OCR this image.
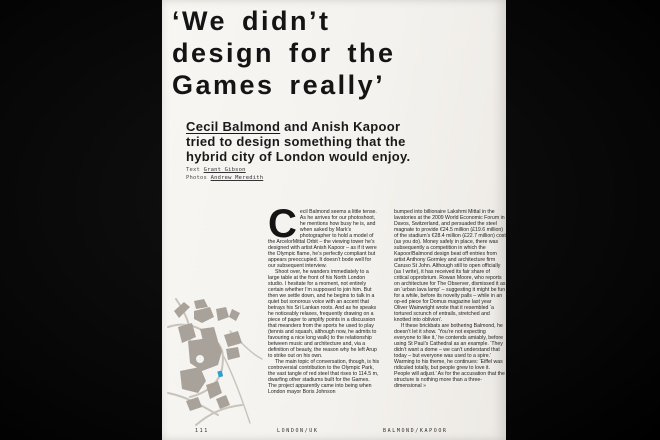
‘We didn’t
design for the
Games really’
Cecil Balmond and Anish Kapoor
tried to design something that the
hybrid city of London would enjoy.
Text Grant Gibson
Photos Andrew Meredith

Cecil Balmond seems a little tense. As he arrives for our photoshoot, he mentions how busy he is, and when asked by Mark’s photographer to hold a model of the ArcelorMittal Orbit – the viewing tower he’s designed with artist Anish Kapoor – as if it were the Olympic flame, he’s perfectly compliant but appears preoccupied. It doesn’t bode well for our subsequent interview.

Shoot over, he wanders immediately to a large table at the front of his North London studio. I hesitate for a moment, not entirely certain whether I’m supposed to join him. But then we settle down, and he begins to talk in a quiet but sonorous voice with an accent that betrays his Sri Lankan roots. And as he speaks he noticeably relaxes, frequently drawing on a piece of paper to amplify points in a discussion that meanders from the sports he used to play (tennis and squash, although now, he admits to favouring a nice long walk) to the relationship between music and architecture and, via a definition of beauty, the reason why he left Arup to strike out on his own.

The main topic of conversation, though, is his controversial contribution to the Olympic Park, the vast tangle of red steel that rises to 114.5 m, dwarfing other stadiums built for the Games. The project apparently came into being when London mayor Boris Johnson

bumped into billionaire Lakshmi Mittal in the lavatories at the 2009 World Economic Forum in Davos, Switzerland, and persuaded the steel magnate to provide €24.5 million (£19.6 million) of the stadium’s €28.4 million (£22.7 million) cost (as you do). Money safely in place, there was subsequently a competition in which the Kapoor/Balmond design beat off entries from artist Anthony Gormley and architecture firm Caruso St John. Although still to open officially (as I write), it has received its fair share of critical opprobrium. Rowan Moore, who reports on architecture for The Observer, dismissed it as an ‘urban lava lamp’ – suggesting it might be fun for a while, before its novelty palls – while in an op-ed piece for Domus magazine last year Oliver Wainwright wrote that it resembled ‘a tortured scrunch of entrails, stretched and knotted into oblivion’.

If these brickbats are bothering Balmond, he doesn’t let it show. ‘You’re not expecting everyone to like it,’ he contends amiably, before using St Paul’s Cathedral as an example. ‘They didn’t want a dome – we can’t understand that today – but everyone was used to a spire.’ Warming to his theme, he continues: ‘Eiffel was ridiculed totally, but people grew to love it. People will adjust.’ As for the accusation that the structure is nothing more than a three-dimensional »

111	LONDON/UK	BALMOND/KAPOOR
